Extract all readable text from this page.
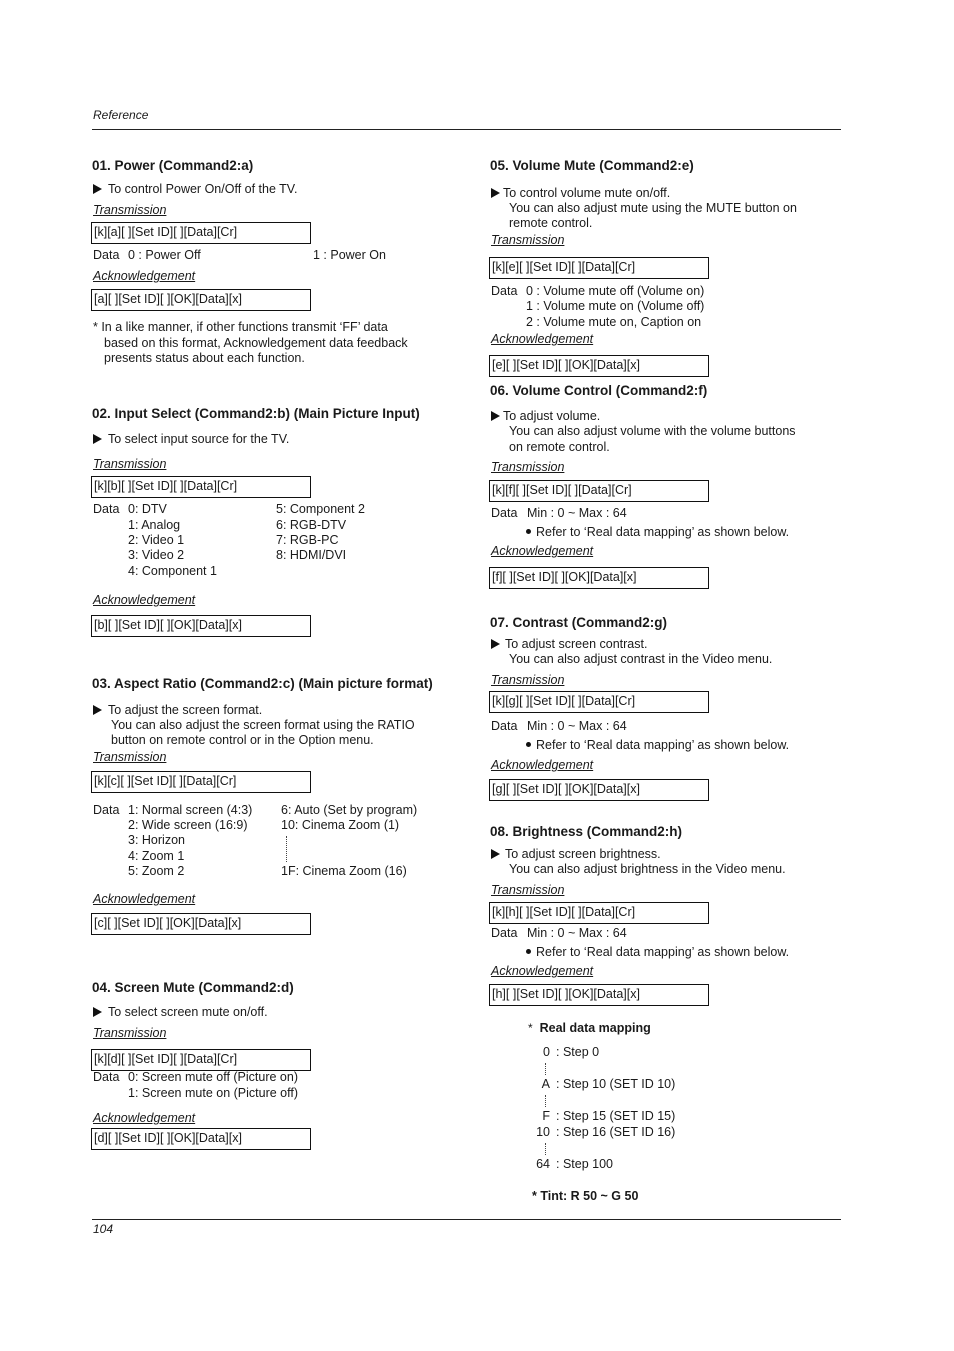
Reference
104
01. Power (Command2:a)
To control Power On/Off of the TV.
Transmission
[k][a][ ][Set ID][ ][Data][Cr]
Data 0 : Power Off	1 : Power On
Acknowledgement
[a][ ][Set ID][ ][OK][Data][x]
* In a like manner, if other functions transmit ‘FF’ data
based on this format, Acknowledgement data feedback
presents status about each function.
02. Input Select (Command2:b) (Main Picture Input)
To select input source for the TV.
Transmission
[k][b][ ][Set ID][ ][Data][Cr]
Data 0: DTV
1: Analog
2: Video 1
3: Video 2
4: Component 1
5: Component 2
6: RGB-DTV
7: RGB-PC
8: HDMI/DVI
Acknowledgement
[b][ ][Set ID][ ][OK][Data][x]
03. Aspect Ratio (Command2:c) (Main picture format)
To adjust the screen format.
You can also adjust the screen format using the RATIO
button on remote control or in the Option menu.
Transmission
[k][c][ ][Set ID][ ][Data][Cr]
Data 1: Normal screen (4:3)
2: Wide screen (16:9)
3: Horizon
4: Zoom 1
5: Zoom 2
6: Auto (Set by program)
10: Cinema Zoom (1)
1F: Cinema Zoom (16)
Acknowledgement
[c][ ][Set ID][ ][OK][Data][x]
04. Screen Mute (Command2:d)
To select screen mute on/off.
Transmission
[k][d][ ][Set ID][ ][Data][Cr]
Data 0: Screen mute off (Picture on)
1: Screen mute on (Picture off)
Acknowledgement
[d][ ][Set ID][ ][OK][Data][x]
05. Volume Mute (Command2:e)
To control volume mute on/off.
You can also adjust mute using the MUTE button on
remote control.
Transmission
[k][e][ ][Set ID][ ][Data][Cr]
Data 0 : Volume mute off (Volume on)
1 : Volume mute on (Volume off)
2 : Volume mute on, Caption on
Acknowledgement
[e][ ][Set ID][ ][OK][Data][x]
06. Volume Control (Command2:f)
To adjust volume.
You can also adjust volume with the volume buttons
on remote control.
Transmission
[k][f][ ][Set ID][ ][Data][Cr]
Data Min : 0 ~ Max : 64
Refer to ‘Real data mapping’ as shown below.
Acknowledgement
[f][ ][Set ID][ ][OK][Data][x]
07. Contrast (Command2:g)
To adjust screen contrast.
You can also adjust contrast in the Video menu.
Transmission
[k][g][ ][Set ID][ ][Data][Cr]
Data Min : 0 ~ Max : 64
Refer to ‘Real data mapping’ as shown below.
Acknowledgement
[g][ ][Set ID][ ][OK][Data][x]
08. Brightness (Command2:h)
To adjust screen brightness.
You can also adjust brightness in the Video menu.
Transmission
[k][h][ ][Set ID][ ][Data][Cr]
Data Min : 0 ~ Max : 64
Refer to ‘Real data mapping’ as shown below.
Acknowledgement
[h][ ][Set ID][ ][OK][Data][x]
* Real data mapping
0 : Step 0
A : Step 10 (SET ID 10)
F : Step 15 (SET ID 15)
10 : Step 16 (SET ID 16)
64 : Step 100
* Tint: R 50 ~ G 50
